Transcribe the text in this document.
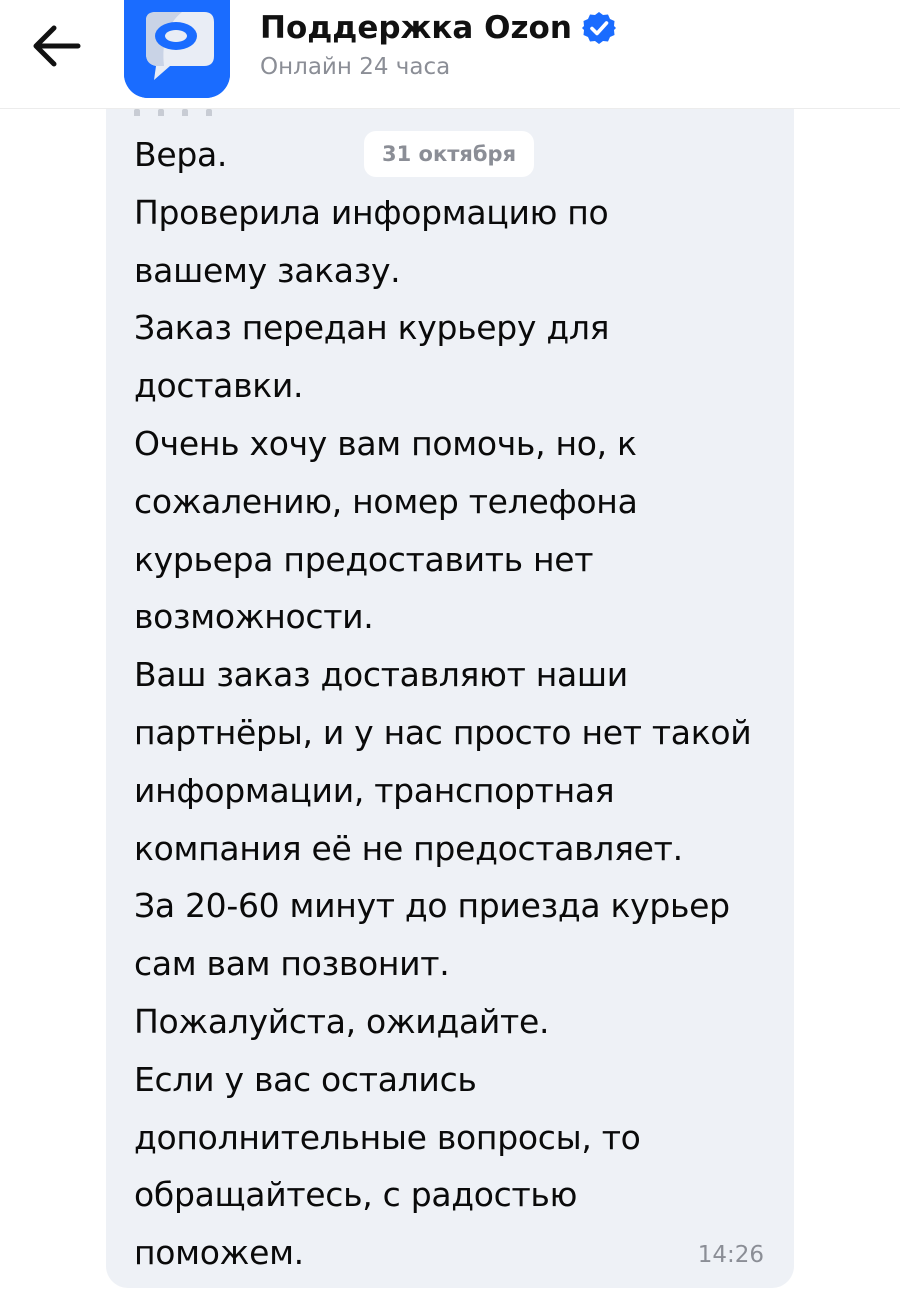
Поддержка Ozon
Онлайн 24 часа
Вера.
Проверила информацию по
вашему заказу.
Заказ передан курьеру для
доставки.
Очень хочу вам помочь, но, к
сожалению, номер телефона
курьера предоставить нет
возможности.
Ваш заказ доставляют наши
партнёры, и у нас просто нет такой
информации, транспортная
компания её не предоставляет.
За 20-60 минут до приезда курьер
сам вам позвонит.
Пожалуйста, ожидайте.
Если у вас остались
дополнительные вопросы, то
обращайтесь, с радостью
поможем.	14:26
31 октября
